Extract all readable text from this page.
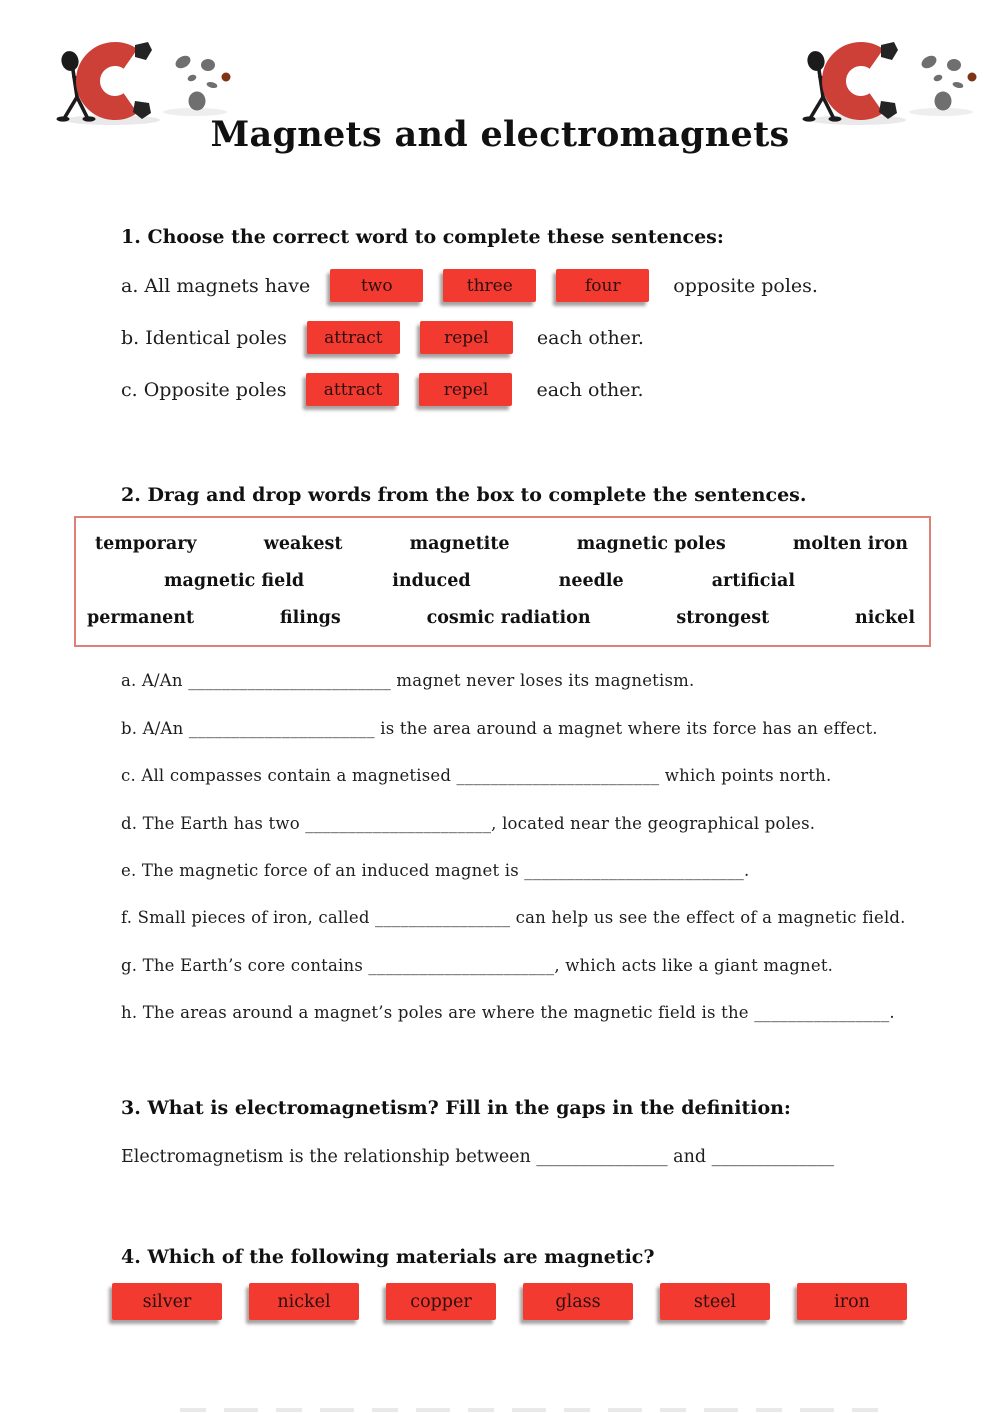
Magnets and electromagnets
1. Choose the correct word to complete these sentences:
a. All magnets have	two	three	four	opposite poles.
b. Identical poles	attract	repel	each other.
c. Opposite poles	attract	repel	each other.
2. Drag and drop words from the box to complete the sentences.
temporary	weakest	magnetite	magnetic poles	molten iron
magnetic field	induced	needle	artificial
permanent	filings	cosmic radiation	strongest	nickel
a. A/An ________________________ magnet never loses its magnetism.
b. A/An ______________________ is the area around a magnet where its force has an effect.
c. All compasses contain a magnetised ________________________ which points north.
d. The Earth has two ______________________, located near the geographical poles.
e. The magnetic force of an induced magnet is __________________________.
f. Small pieces of iron, called ________________ can help us see the effect of a magnetic field.
g. The Earth’s core contains ______________________, which acts like a giant magnet.
h. The areas around a magnet’s poles are where the magnetic field is the ________________.
3. What is electromagnetism? Fill in the gaps in the definition:
Electromagnetism is the relationship between _______________ and ______________
4. Which of the following materials are magnetic?
silver	nickel	copper	glass	steel	iron
